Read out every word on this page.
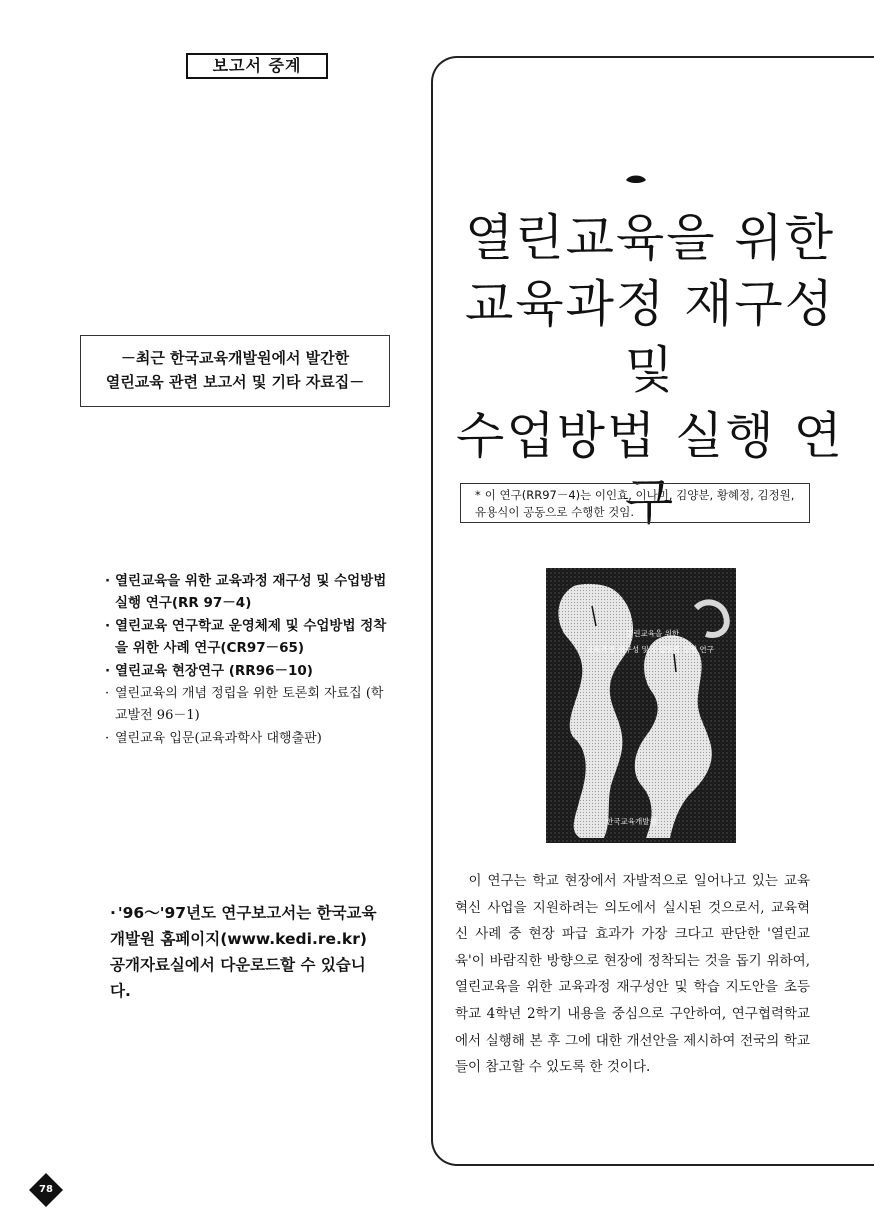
보고서 중계
－최근 한국교육개발원에서 발간한
열린교육 관련 보고서 및 기타 자료집－
· 열린교육을 위한 교육과정 재구성 및 수업방법 실행 연구(RR 97－4)
· 열린교육 연구학교 운영체제 및 수업방법 정착을 위한 사례 연구(CR97－65)
· 열린교육 현장연구 (RR96－10)
· 열린교육의 개념 정립을 위한 토론회 자료집 (학교발전 96－1)
· 열린교육 입문(교육과학사 대행출판)
· '96～'97년도 연구보고서는 한국교육개발원 홈페이지(www.kedi.re.kr) 공개자료실에서 다운로드할 수 있습니다.
열린교육을 위한
교육과정 재구성 및
수업방법 실행 연구
* 이 연구(RR97－4)는 이인효, 이나미, 김양분, 황혜정, 김정원, 유용식이 공동으로 수행한 것임.
열린교육을 위한
교육과정 재구성 및 수업방법 실행 연구
한국교육개발원
이 연구는 학교 현장에서 자발적으로 일어나고 있는 교육혁신 사업을 지원하려는 의도에서 실시된 것으로서, 교육혁신 사례 중 현장 파급 효과가 가장 크다고 판단한 '열린교육'이 바람직한 방향으로 현장에 정착되는 것을 돕기 위하여, 열린교육을 위한 교육과정 재구성안 및 학습 지도안을 초등학교 4학년 2학기 내용을 중심으로 구안하여, 연구협력학교에서 실행해 본 후 그에 대한 개선안을 제시하여 전국의 학교들이 참고할 수 있도록 한 것이다.
78
